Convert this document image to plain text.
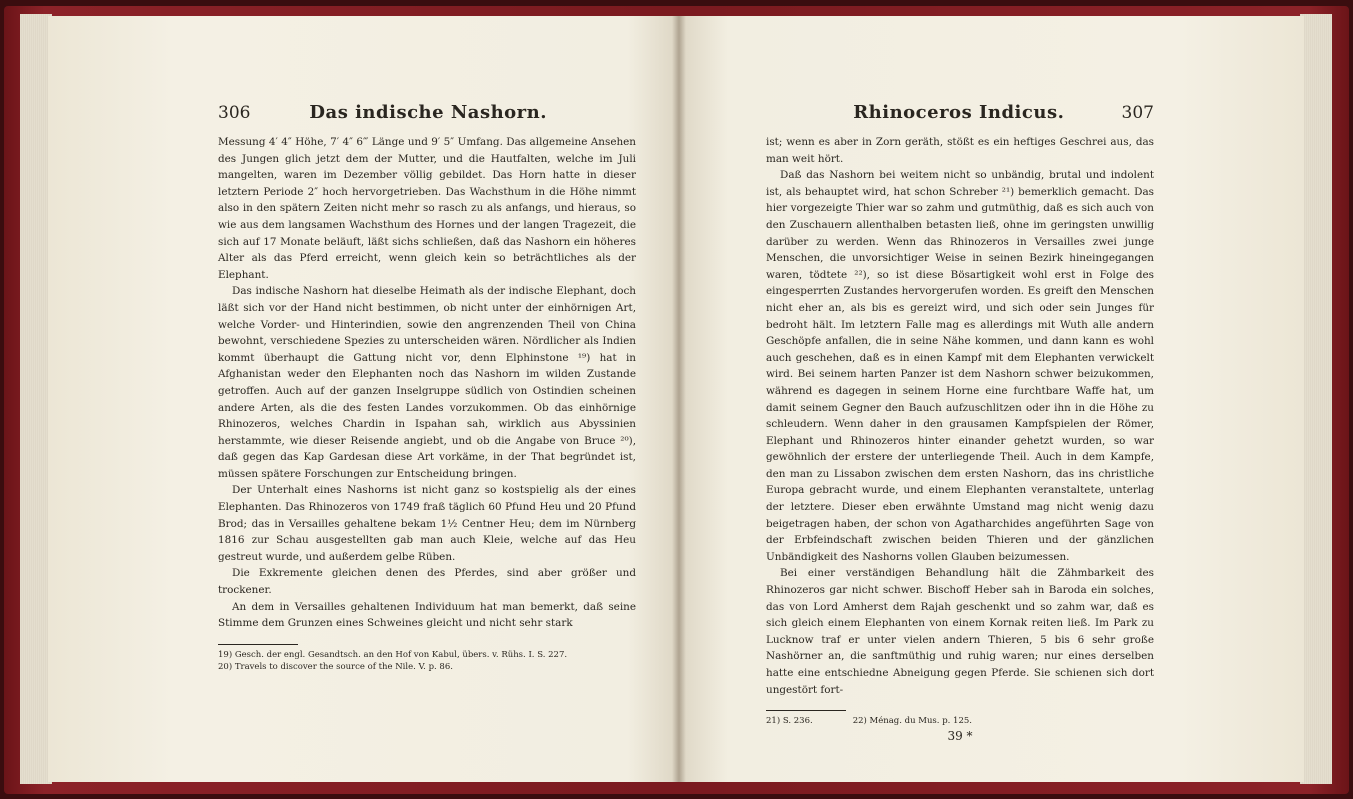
306	Das indische Nashorn.

Messung 4′ 4″ Höhe, 7′ 4″ 6‴ Länge und 9′ 5″ Umfang. Das allgemeine Ansehen des Jungen glich jetzt dem der Mutter, und die Hautfalten, welche im Juli mangelten, waren im Dezember völlig gebildet. Das Horn hatte in dieser letztern Periode 2″ hoch hervorgetrieben. Das Wachsthum in die Höhe nimmt also in den spätern Zeiten nicht mehr so rasch zu als anfangs, und hieraus, so wie aus dem langsamen Wachsthum des Hornes und der langen Tragezeit, die sich auf 17 Monate beläuft, läßt sichs schließen, daß das Nashorn ein höheres Alter als das Pferd erreicht, wenn gleich kein so beträchtliches als der Elephant.

Das indische Nashorn hat dieselbe Heimath als der indische Elephant, doch läßt sich vor der Hand nicht bestimmen, ob nicht unter der einhörnigen Art, welche Vorder- und Hinterindien, sowie den angrenzenden Theil von China bewohnt, verschiedene Spezies zu unterscheiden wären. Nördlicher als Indien kommt überhaupt die Gattung nicht vor, denn Elphinstone ¹⁹) hat in Afghanistan weder den Elephanten noch das Nashorn im wilden Zustande getroffen. Auch auf der ganzen Inselgruppe südlich von Ostindien scheinen andere Arten, als die des festen Landes vorzukommen. Ob das einhörnige Rhinozeros, welches Chardin in Ispahan sah, wirklich aus Abyssinien herstammte, wie dieser Reisende angiebt, und ob die Angabe von Bruce ²⁰), daß gegen das Kap Gardesan diese Art vorkäme, in der That begründet ist, müssen spätere Forschungen zur Entscheidung bringen.

Der Unterhalt eines Nashorns ist nicht ganz so kostspielig als der eines Elephanten. Das Rhinozeros von 1749 fraß täglich 60 Pfund Heu und 20 Pfund Brod; das in Versailles gehaltene bekam 1½ Centner Heu; dem im Nürnberg 1816 zur Schau ausgestellten gab man auch Kleie, welche auf das Heu gestreut wurde, und außerdem gelbe Rüben.

Die Exkremente gleichen denen des Pferdes, sind aber größer und trockener.

An dem in Versailles gehaltenen Individuum hat man bemerkt, daß seine Stimme dem Grunzen eines Schweines gleicht und nicht sehr stark

19) Gesch. der engl. Gesandtsch. an den Hof von Kabul, übers. v. Rühs. I. S. 227.
20) Travels to discover the source of the Nile. V. p. 86.
Rhinoceros Indicus.	307

ist; wenn es aber in Zorn geräth, stößt es ein heftiges Geschrei aus, das man weit hört.

Daß das Nashorn bei weitem nicht so unbändig, brutal und indolent ist, als behauptet wird, hat schon Schreber ²¹) bemerklich gemacht. Das hier vorgezeigte Thier war so zahm und gutmüthig, daß es sich auch von den Zuschauern allenthalben betasten ließ, ohne im geringsten unwillig darüber zu werden. Wenn das Rhinozeros in Versailles zwei junge Menschen, die unvorsichtiger Weise in seinen Bezirk hineingegangen waren, tödtete ²²), so ist diese Bösartigkeit wohl erst in Folge des eingesperrten Zustandes hervorgerufen worden. Es greift den Menschen nicht eher an, als bis es gereizt wird, und sich oder sein Junges für bedroht hält. Im letztern Falle mag es allerdings mit Wuth alle andern Geschöpfe anfallen, die in seine Nähe kommen, und dann kann es wohl auch geschehen, daß es in einen Kampf mit dem Elephanten verwickelt wird. Bei seinem harten Panzer ist dem Nashorn schwer beizukommen, während es dagegen in seinem Horne eine furchtbare Waffe hat, um damit seinem Gegner den Bauch aufzuschlitzen oder ihn in die Höhe zu schleudern. Wenn daher in den grausamen Kampfspielen der Römer, Elephant und Rhinozeros hinter einander gehetzt wurden, so war gewöhnlich der erstere der unterliegende Theil. Auch in dem Kampfe, den man zu Lissabon zwischen dem ersten Nashorn, das ins christliche Europa gebracht wurde, und einem Elephanten veranstaltete, unterlag der letztere. Dieser eben erwähnte Umstand mag nicht wenig dazu beigetragen haben, der schon von Agatharchides angeführten Sage von der Erbfeindschaft zwischen beiden Thieren und der gänzlichen Unbändigkeit des Nashorns vollen Glauben beizumessen.

Bei einer verständigen Behandlung hält die Zähmbarkeit des Rhinozeros gar nicht schwer. Bischoff Heber sah in Baroda ein solches, das von Lord Amherst dem Rajah geschenkt und so zahm war, daß es sich gleich einem Elephanten von einem Kornak reiten ließ. Im Park zu Lucknow traf er unter vielen andern Thieren, 5 bis 6 sehr große Nashörner an, die sanftmüthig und ruhig waren; nur eines derselben hatte eine entschiedne Abneigung gegen Pferde. Sie schienen sich dort ungestört fort-

21) S. 236.	22) Ménag. du Mus. p. 125.
39 *
